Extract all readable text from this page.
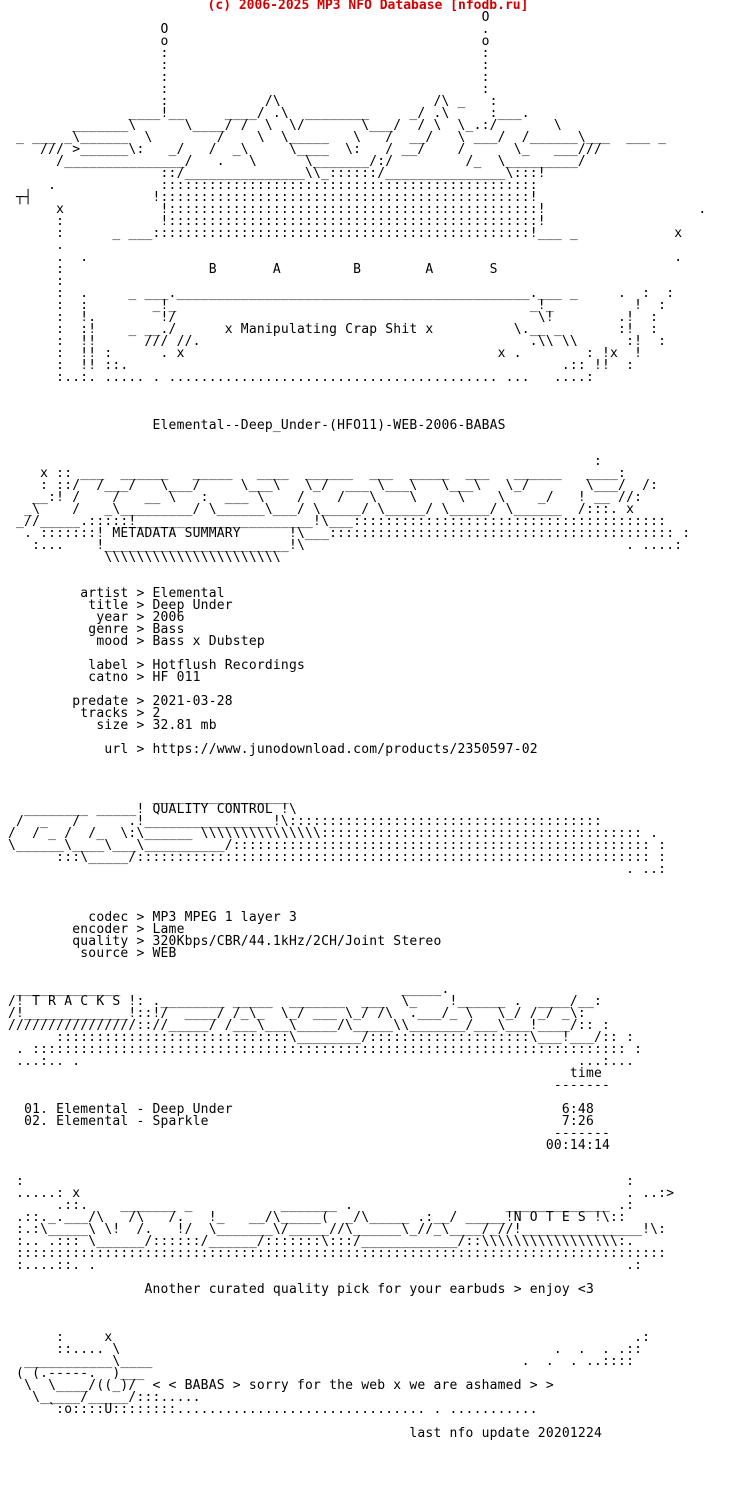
(c) 2006-2025 MP3 NFO Database [nfodb.ru]
O
O                                       .
o                                       o
:                                       :
:                                       :
:                                       :
:                                       :
:            /\                   /\ _   :
____!__     ____/ .\  ________     _/ .\     :___.
_______\      \____/ /  \  \/       \___/  / \  \_.:/       \
_ ___ _\______  \        /    \  \_____   \   /  __/   \ ___/  /______\___  ___ _
/// >______\:   _/   /  _\     \____  \:   / __/    /      \_   ___///
/_______________/   .   \      \_______/:/         /_  \_________/
::/_______________\\_::::::/_______________\:::!
.             :::::::::::::::::::::::::::::::::::::::::::::::
┬┤               !::::::::::::::::::::::::::::::::::::::::::::::!
x            !::::::::::::::::::::::::::::::::::::::::::::::!                   .
:            !::::::::::::::::::::::::::::::::::::::::::::::!
:      _ ___:::::::::::::::::::::::::::::::::::::::::::::::!___ _            x
.
.  .                                                                         .
:                  B       A         B        A       S
:
:  .     _ ___.____________________________________________.___ _     .  :  :
:  :        _!_                                            _!_          !  :
:  !.        !/                                             \!        .!  :
:  :!    _ __./      x Manipulating Crap Shit x          \.__ _       :!  :
:  !!      /// //.                                         .\\ \\      :!  :
:  !! :      . x                                       x .        : !x  !
:  !! ::.                                                      .:: !!  :
:..:. ..... . ......................................... ...   ....:

Elemental--Deep_Under-(HFO11)-WEB-2006-BABAS

:
x :: ___  ______   _____   ____  ______  ___  _____  ___   ______   ____:
: ::/  /___/   \___/     \___\   \_/  ___ \___\   \___\   \_/       \___/  /:
__:! /    /   __ \   :  ___ \    /    /   \    \     \    \    _/   ! __ //:
_\    /   _\_________/ \______\___/ \_____/ \_____/ \_____/ \______  /:::. x
_//_____.:::::!______________________!\___:::::::::::::::::::::::::::::::::::::::
. :::::::! METADATA SUMMARY      !\___::::::::::::::::::::::::::::::::::::::::::: :
:...    !_______________________!\                                        . ....:
\\\\\\\\\\\\\\\\\\\\\\

artist > Elemental
title > Deep Under
year > 2006
genre > Bass
mood > Bass x Dubstep

label > Hotflush Recordings
catno > HF 011

predate > 2021-03-28
tracks > 2
size > 32.81 mb

url > https://www.junodownload.com/products/2350597-02

_________________
________ _____! QUALITY CONTROL !\
/  _   /      .!________________!\:::::::::::::::::::::::::::::::::::::::
/  / _ /  /_  \:\______ \\\\\\\\\\\\\\\:::::::::::::::::::::::::::::::::::::::: .
\______\____\___\__________/:::::::::::::::::::::::::::::::::::::::::::::::::::: :
:::\_____/:::::::::::::::::::::::::::::::::::::::::::::::::::::::::::::::: :
. ..:

codec > MP3 MPEG 1 layer 3
encoder > Lame
quality > 320Kbps/CBR/44.1kHz/2CH/Joint Stereo
source > WEB

_____________                                   _____.
/! T R A C K S !: .________ _____  _______  ___  \_    !______ .  ____/__:
/!_____________!::!/  ____/ /_\_  \_/ ___ \_/ /\  .___/_ \   \_/ /_/ _\:
////////////////:://_____/ /___\___\_____/\_____\\_______/___\___!____/:: :
:::::::::::::::::::::::::::::\________/::::::::::::::::::::\___!___/:: :
. :::::::::::::::::::::::::::::::::::::::::::::::::::::::::::::::::::::::::: :
...:.. .                                                              ...:...
time
-------

01. Elemental - Deep Under                                         6:48
02. Elemental - Sparkle                                            7:26
-------
00:14:14

:                                                                           :
.....: x                                                                    . ..:>
.::.    _______ _           _______ .                   _____________ .:
.::._.___/\   /\   /.   !_   __/\_____(  _/\_____ .:__/ _____!N O T E S !\::
:.:\_____\ \!  /.   !/  \_______\/_____//\______\_//_\____/_//!_______________!\:
:.. .::: \______/::::::/______/:::::::\:::/____________/::\\\\\\\\\\\\\\\\\:.
:::::::::::::::::::::::::::::::::::::::::::::::::::::::::::::::::::::::::::::::::
:....::. .                                                                  .:

Another curated quality pick for your earbuds > enjoy <3

:     x                                                                 .:
::.... \                                                      .  .  . .::
___________\____                                              .  .  . ..::::
( (.-----.  )___
\  \____/((_)/  < < BABAS > sorry for the web x we are ashamed > >
\_____/_____/:::.....
`:o::::U::::::::............................... . ...........

last nfo update 20201224
